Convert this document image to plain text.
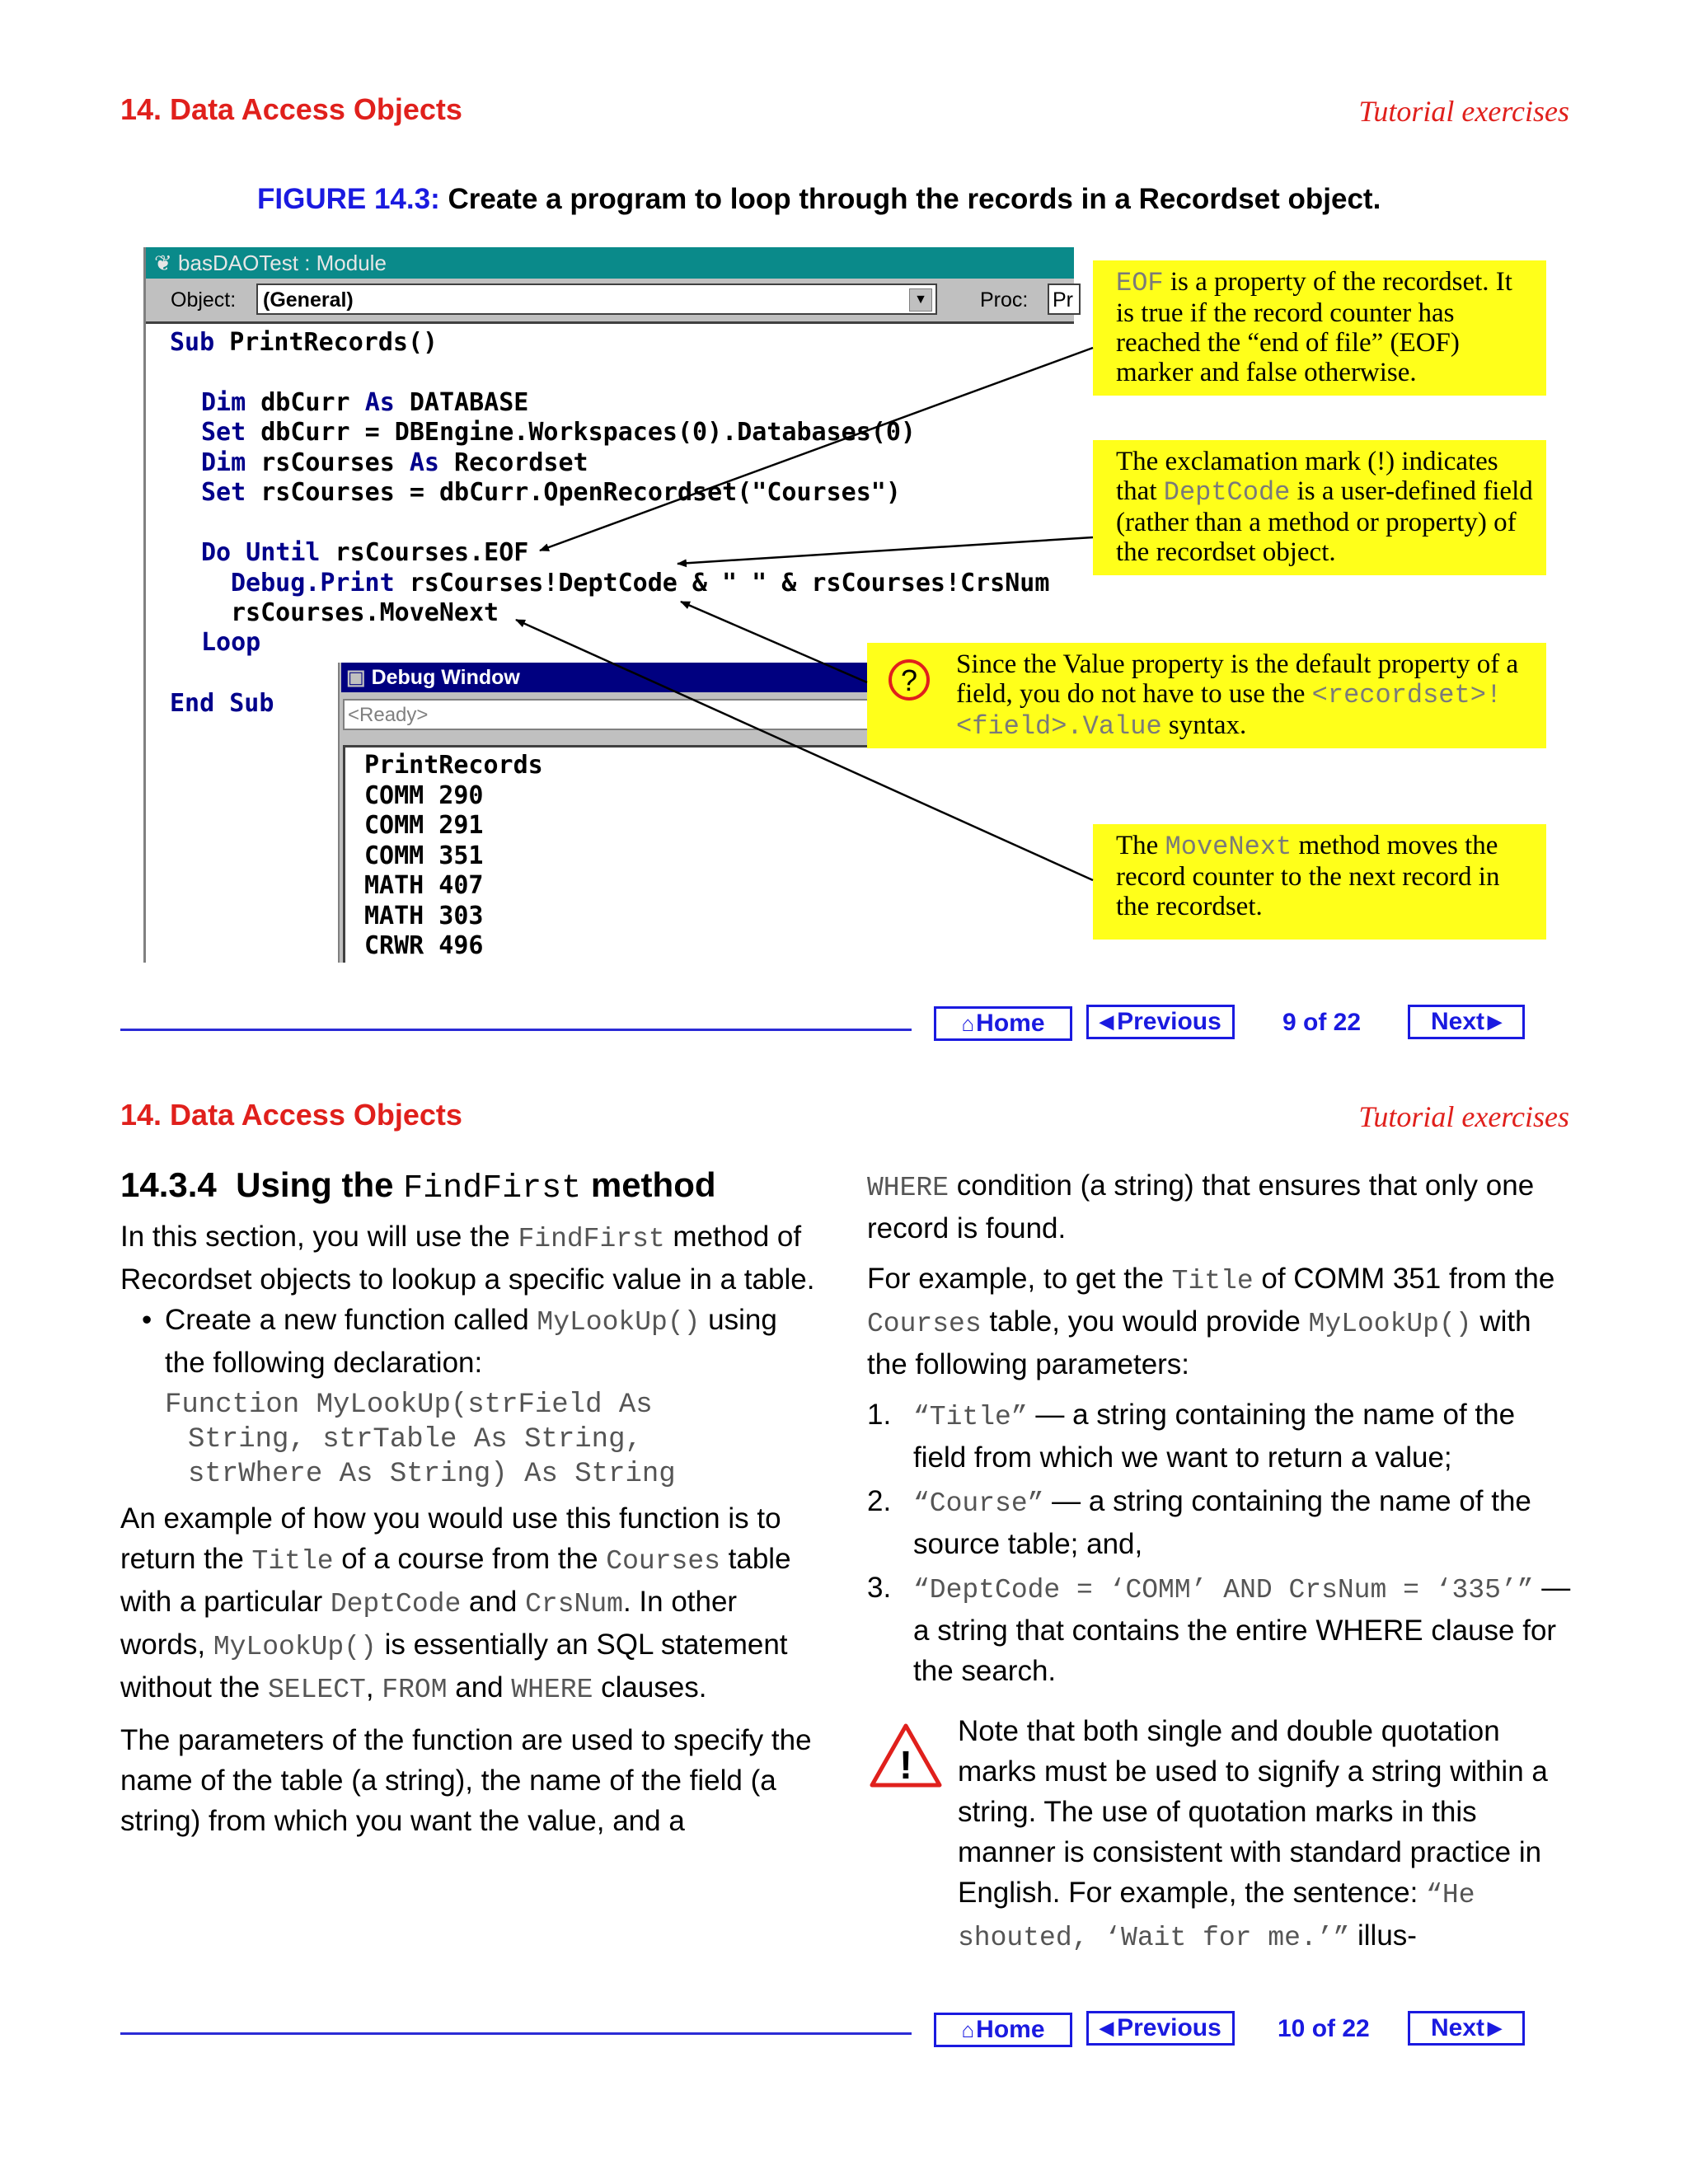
14. Data Access Objects	Tutorial exercises
FIGURE 14.3: Create a program to loop through the records in a Recordset object.
❦ basDAOTest : Module
Object: (General)	▼	Proc: Pr
Sub PrintRecords()
Dim dbCurr As DATABASE
Set dbCurr = DBEngine.Workspaces(0).Databases(0)
Dim rsCourses As Recordset
Set rsCourses = dbCurr.OpenRecordset("Courses")
Do Until rsCourses.EOF
Debug.Print rsCourses!DeptCode & " " & rsCourses!CrsNum
rsCourses.MoveNext
Loop
End Sub
▣ Debug Window
<Ready>
PrintRecords
COMM 290
COMM 291
COMM 351
MATH 407
MATH 303
CRWR 496
EOF is a property of the recordset. It is true if the record counter has reached the “end of file” (EOF) marker and false otherwise.
The exclamation mark (!) indicates that DeptCode is a user-defined field (rather than a method or property) of the recordset object.
?	Since the Value property is the default property of a field, you do not have to use the <recordset>!<field>.Value syntax.
The MoveNext method moves the record counter to the next record in the recordset.
⌂ Home	◀ Previous 9 of 22	Next ▶
14. Data Access Objects	Tutorial exercises
14.3.4 Using the FindFirst method

In this section, you will use the FindFirst method of Recordset objects to lookup a specific value in a table.

• Create a new function called MyLookUp() using the following declaration:
Function MyLookUp(strField As
String, strTable As String,
strWhere As String) As String

An example of how you would use this function is to return the Title of a course from the Courses table with a particular DeptCode and CrsNum. In other words, MyLookUp() is essentially an SQL statement without the SELECT, FROM and WHERE clauses.

The parameters of the function are used to specify the name of the table (a string), the name of the field (a string) from which you want the value, and a

WHERE condition (a string) that ensures that only one record is found.

For example, to get the Title of COMM 351 from the Courses table, you would provide MyLookUp() with the following parameters:

1. “Title” — a string containing the name of the field from which we want to return a value;
2. “Course” — a string containing the name of the source table; and,
3. “DeptCode = ‘COMM’ AND CrsNum = ‘335’” — a string that contains the entire WHERE clause for the search.
!
Note that both single and double quotation marks must be used to signify a string within a string. The use of quotation marks in this manner is consistent with standard practice in English. For example, the sentence: “He shouted, ‘Wait for me.’” illus-
⌂ Home	◀ Previous 10 of 22 Next ▶
